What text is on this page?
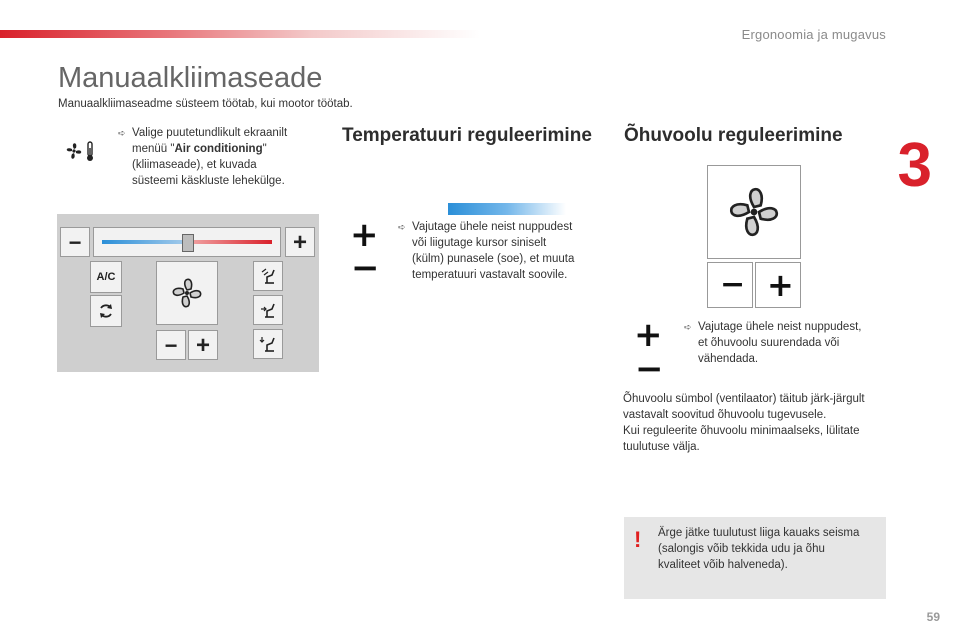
Ergonoomia ja mugavus
3
Manuaalkliimaseade
Manuaalkliimaseadme süsteem töötab, kui mootor töötab.
➪ Valige puutetundlikult ekraanilt
menüü "Air conditioning"
(kliimaseade), et kuvada
süsteemi käskluste lehekülge.
−	+
A/C
− +
Temperatuuri reguleerimine
+
−
➪ Vajutage ühele neist nuppudest
või liigutage kursor siniselt
(külm) punasele (soe), et muuta
temperatuuri vastavalt soovile.
Õhuvoolu reguleerimine
− +
+
−
➪ Vajutage ühele neist nuppudest,
et õhuvoolu suurendada või
vähendada.
Õhuvoolu sümbol (ventilaator) täitub järk-järgult
vastavalt soovitud õhuvoolu tugevusele.
Kui reguleerite õhuvoolu minimaalseks, lülitate
tuulutuse välja.
! Ärge jätke tuulutust liiga kauaks seisma
(salongis võib tekkida udu ja õhu
kvaliteet võib halveneda).
59
